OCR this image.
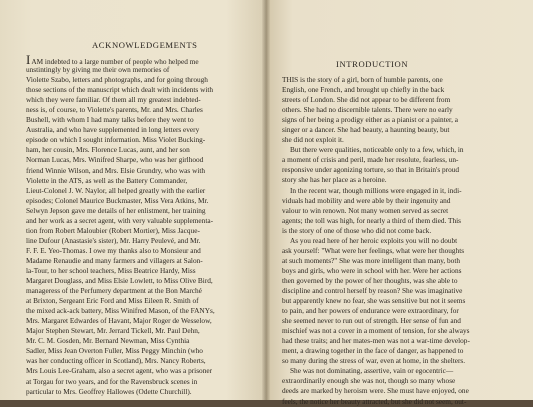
ACKNOWLEDGEMENTS
IAM indebted to a large number of people who helped me
unstintingly by giving me their own memories of
Violette Szabo, letters and photographs, and for going through
those sections of the manuscript which dealt with incidents with
which they were familiar. Of them all my greatest indebted-
ness is, of course, to Violette's parents, Mr. and Mrs. Charles
Bushell, with whom I had many talks before they went to
Australia, and who have supplemented in long letters every
episode on which I sought information. Miss Violet Bucking-
ham, her cousin, Mrs. Florence Lucas, aunt, and her son
Norman Lucas, Mrs. Winifred Sharpe, who was her girlhood
friend Winnie Wilson, and Mrs. Elsie Grundry, who was with
Violette in the ATS, as well as the Battery Commander,
Lieut-Colonel J. W. Naylor, all helped greatly with the earlier
episodes; Colonel Maurice Buckmaster, Miss Vera Atkins, Mr.
Selwyn Jepson gave me details of her enlistment, her training
and her work as a secret agent, with very valuable supplementa-
tion from Robert Maloubier (Robert Mortier), Miss Jacque-
line Dufour (Anastasie's sister), Mr. Harry Peulevé, and Mr.
F. F. E. Yeo-Thomas. I owe my thanks also to Monsieur and
Madame Renaudie and many farmers and villagers at Salon-
la-Tour, to her school teachers, Miss Beatrice Hardy, Miss
Margaret Douglass, and Miss Elsie Lowlett, to Miss Olive Bird,
manageress of the Perfumery department at the Bon Marché
at Brixton, Sergeant Eric Ford and Miss Eileen R. Smith of
the mixed ack-ack battery, Miss Winifred Mason, of the FANYs,
Mrs. Margaret Edwardes of Havant, Major Roger de Wesselow,
Major Stephen Stewart, Mr. Jerrard Tickell, Mr. Paul Dehn,
Mr. C. M. Gosden, Mr. Bernard Newman, Miss Cynthia
Sadler, Miss Jean Overton Fuller, Miss Peggy Minchin (who
was her conducting officer in Scotland), Mrs. Nancy Roberts,
Mrs Louis Lee-Graham, also a secret agent, who was a prisoner
at Torgau for two years, and for the Ravensbruck scenes in
particular to Mrs. Geoffrey Hallowes (Odette Churchill).
INTRODUCTION
THIS is the story of a girl, born of humble parents, one
English, one French, and brought up chiefly in the back
streets of London. She did not appear to be different from
others. She had no discernible talents. There were no early
signs of her being a prodigy either as a pianist or a painter, a
singer or a dancer. She had beauty, a haunting beauty, but
she did not exploit it.
But there were qualities, noticeable only to a few, which, in
a moment of crisis and peril, made her resolute, fearless, un-
responsive under agonizing torture, so that in Britain's proud
story she has her place as a heroine.
In the recent war, though millions were engaged in it, indi-
viduals had mobility and were able by their ingenuity and
valour to win renown. Not many women served as secret
agents; the toll was high, for nearly a third of them died. This
is the story of one of those who did not come back.
As you read here of her heroic exploits you will no doubt
ask yourself: "What were her feelings, what were her thoughts
at such moments?" She was more intelligent than many, both
boys and girls, who were in school with her. Were her actions
then governed by the power of her thoughts, was she able to
discipline and control herself by reason? She was imaginative
but apparently knew no fear, she was sensitive but not it seems
to pain, and her powers of endurance were extraordinary, for
she seemed never to run out of strength. Her sense of fun and
mischief was not a cover in a moment of tension, for she always
had these traits; and her mates-men was not a war-time develop-
ment, a drawing together in the face of danger, as happened to
so many during the stress of war, even at home, in the shelters.
She was not dominating, assertive, vain or egocentric—
extraordinarily enough she was not, though so many whose
deeds are marked by heroism were. She must have enjoyed, one
feels, the notice her beauty attracted, but she did not seem, out-
